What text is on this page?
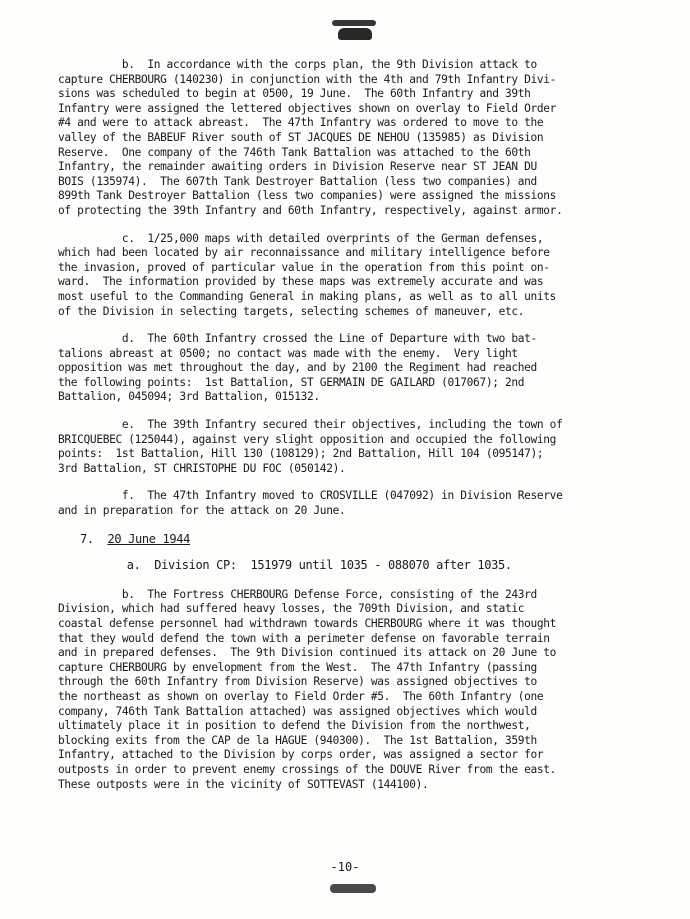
b.  In accordance with the corps plan, the 9th Division attack to
capture CHERBOURG (140230) in conjunction with the 4th and 79th Infantry Divi-
sions was scheduled to begin at 0500, 19 June.  The 60th Infantry and 39th
Infantry were assigned the lettered objectives shown on overlay to Field Order
#4 and were to attack abreast.  The 47th Infantry was ordered to move to the
valley of the BABEUF River south of ST JACQUES DE NEHOU (135985) as Division
Reserve.  One company of the 746th Tank Battalion was attached to the 60th
Infantry, the remainder awaiting orders in Division Reserve near ST JEAN DU
BOIS (135974).  The 607th Tank Destroyer Battalion (less two companies) and
899th Tank Destroyer Battalion (less two companies) were assigned the missions
of protecting the 39th Infantry and 60th Infantry, respectively, against armor.

c.  1/25,000 maps with detailed overprints of the German defenses,
which had been located by air reconnaissance and military intelligence before
the invasion, proved of particular value in the operation from this point on-
ward.  The information provided by these maps was extremely accurate and was
most useful to the Commanding General in making plans, as well as to all units
of the Division in selecting targets, selecting schemes of maneuver, etc.

d.  The 60th Infantry crossed the Line of Departure with two bat-
talions abreast at 0500; no contact was made with the enemy.  Very light
opposition was met throughout the day, and by 2100 the Regiment had reached
the following points:  1st Battalion, ST GERMAIN DE GAILARD (017067); 2nd
Battalion, 045094; 3rd Battalion, 015132.

e.  The 39th Infantry secured their objectives, including the town of
BRICQUEBEC (125044), against very slight opposition and occupied the following
points:  1st Battalion, Hill 130 (108129); 2nd Battalion, Hill 104 (095147);
3rd Battalion, ST CHRISTOPHE DU FOC (050142).

f.  The 47th Infantry moved to CROSVILLE (047092) in Division Reserve
and in preparation for the attack on 20 June.

7. 20 June 1944

a.  Division CP:  151979 until 1035 - 088070 after 1035.

b.  The Fortress CHERBOURG Defense Force, consisting of the 243rd
Division, which had suffered heavy losses, the 709th Division, and static
coastal defense personnel had withdrawn towards CHERBOURG where it was thought
that they would defend the town with a perimeter defense on favorable terrain
and in prepared defenses.  The 9th Division continued its attack on 20 June to
capture CHERBOURG by envelopment from the West.  The 47th Infantry (passing
through the 60th Infantry from Division Reserve) was assigned objectives to
the northeast as shown on overlay to Field Order #5.  The 60th Infantry (one
company, 746th Tank Battalion attached) was assigned objectives which would
ultimately place it in position to defend the Division from the northwest,
blocking exits from the CAP de la HAGUE (940300).  The 1st Battalion, 359th
Infantry, attached to the Division by corps order, was assigned a sector for
outposts in order to prevent enemy crossings of the DOUVE River from the east.
These outposts were in the vicinity of SOTTEVAST (144100).

-10-
